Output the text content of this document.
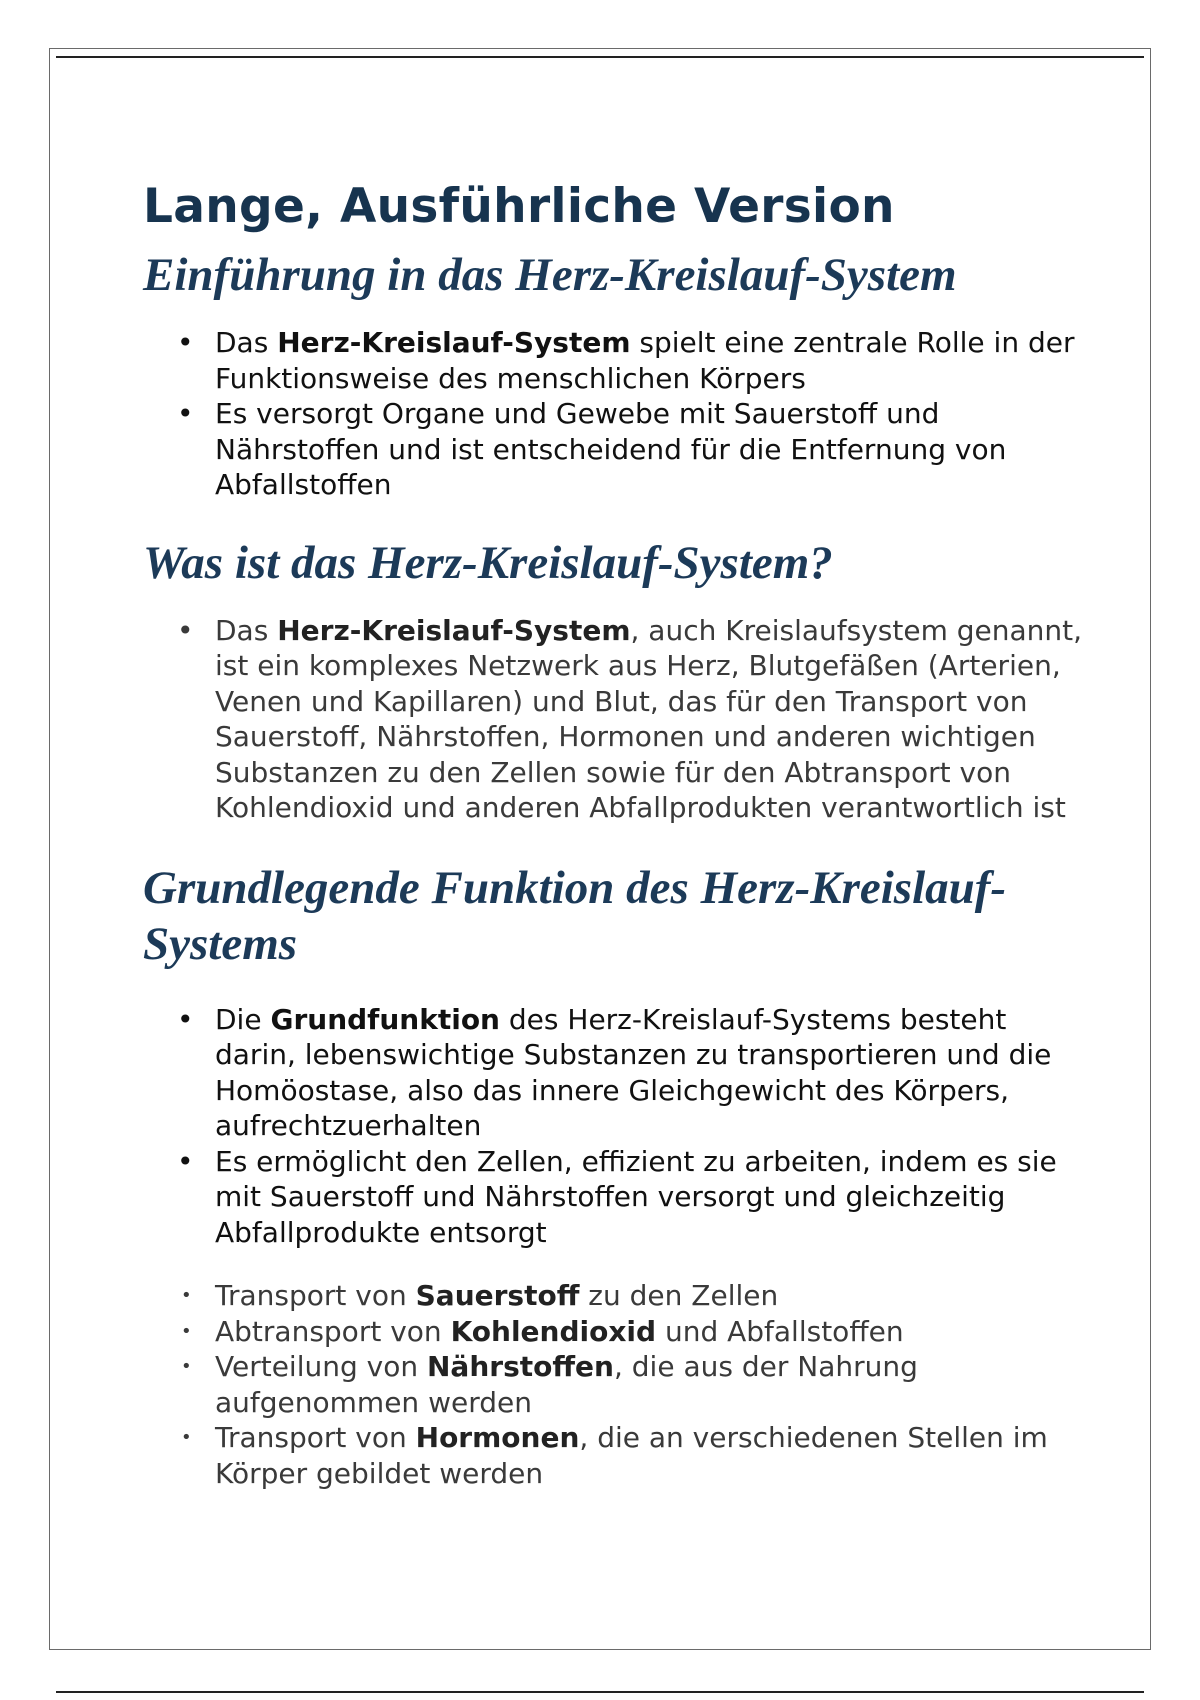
Lange, Ausführliche Version
Einführung in das Herz-Kreislauf-System
• Das Herz-Kreislauf-System spielt eine zentrale Rolle in der Funktionsweise des menschlichen Körpers
• Es versorgt Organe und Gewebe mit Sauerstoff und Nährstoffen und ist entscheidend für die Entfernung von Abfallstoffen
Was ist das Herz-Kreislauf-System?
• Das Herz-Kreislauf-System, auch Kreislaufsystem genannt, ist ein komplexes Netzwerk aus Herz, Blutgefäßen (Arterien, Venen und Kapillaren) und Blut, das für den Transport von Sauerstoff, Nährstoffen, Hormonen und anderen wichtigen Substanzen zu den Zellen sowie für den Abtransport von Kohlendioxid und anderen Abfallprodukten verantwortlich ist
Grundlegende Funktion des Herz-Kreislauf-Systems
• Die Grundfunktion des Herz-Kreislauf-Systems besteht darin, lebenswichtige Substanzen zu transportieren und die Homöostase, also das innere Gleichgewicht des Körpers, aufrechtzuerhalten
• Es ermöglicht den Zellen, effizient zu arbeiten, indem es sie mit Sauerstoff und Nährstoffen versorgt und gleichzeitig Abfallprodukte entsorgt
• Transport von Sauerstoff zu den Zellen
• Abtransport von Kohlendioxid und Abfallstoffen
• Verteilung von Nährstoffen, die aus der Nahrung aufgenommen werden
• Transport von Hormonen, die an verschiedenen Stellen im Körper gebildet werden
